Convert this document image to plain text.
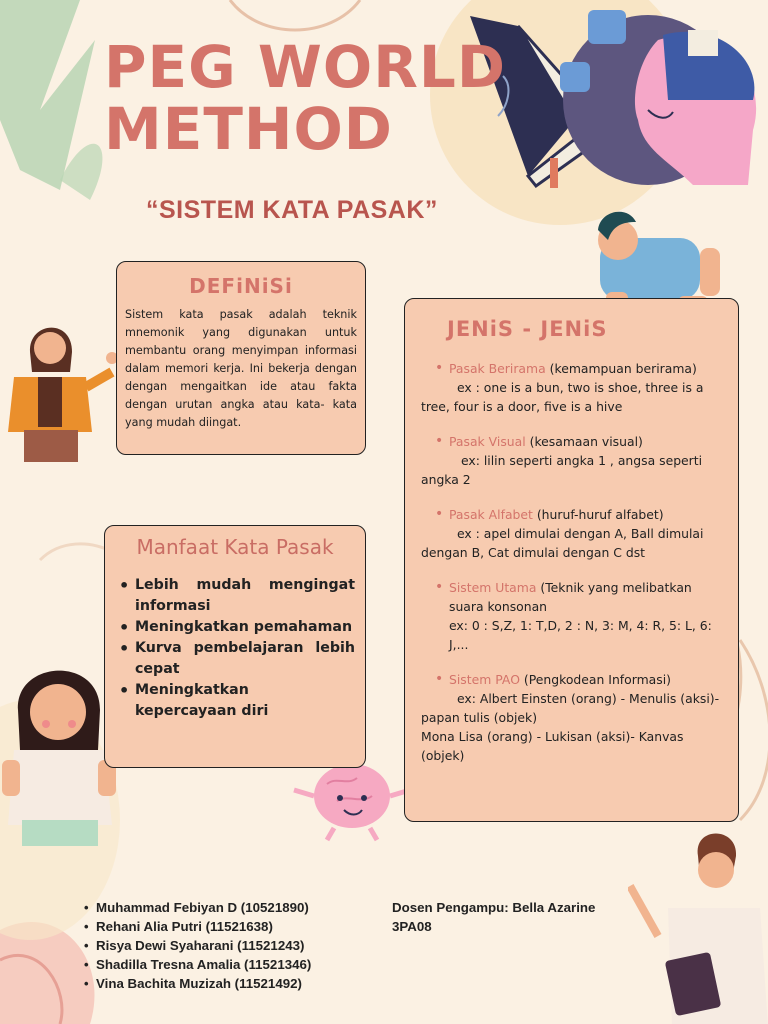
PEG WORLD
METHOD
“SISTEM KATA PASAK”
DEFiNiSi

Sistem kata pasak adalah teknik mnemonik yang digunakan untuk membantu orang menyimpan informasi dalam memori kerja. Ini bekerja dengan dengan mengaitkan ide atau fakta dengan urutan angka atau kata- kata yang mudah diingat.

Manfaat Kata Pasak
• Lebih mudah mengingat informasi
• Meningkatkan pemahaman
• Kurva pembelajaran lebih cepat
• Meningkatkan kepercayaan diri
JENiS - JENiS
• Pasak Berirama (kemampuan berirama)
ex : one is a bun, two is shoe, three is a tree, four is a door, five is a hive
• Pasak Visual (kesamaan visual)
ex: lilin seperti angka 1 , angsa seperti angka 2
• Pasak Alfabet (huruf-huruf alfabet)
ex : apel dimulai dengan A, Ball dimulai dengan B, Cat dimulai dengan C dst
• Sistem Utama (Teknik yang melibatkan suara konsonan
ex: 0 : S,Z, 1: T,D, 2 : N, 3: M, 4: R, 5: L, 6: J,...
• Sistem PAO (Pengkodean Informasi)
ex: Albert Einsten (orang) - Menulis (aksi)- papan tulis (objek)
Mona Lisa (orang) - Lukisan (aksi)- Kanvas (objek)
• Muhammad Febiyan D (10521890)
• Rehani Alia Putri (11521638)
• Risya Dewi Syaharani (11521243)
• Shadilla Tresna Amalia (11521346)
• Vina Bachita Muzizah (11521492)
Dosen Pengampu: Bella Azarine
3PA08
